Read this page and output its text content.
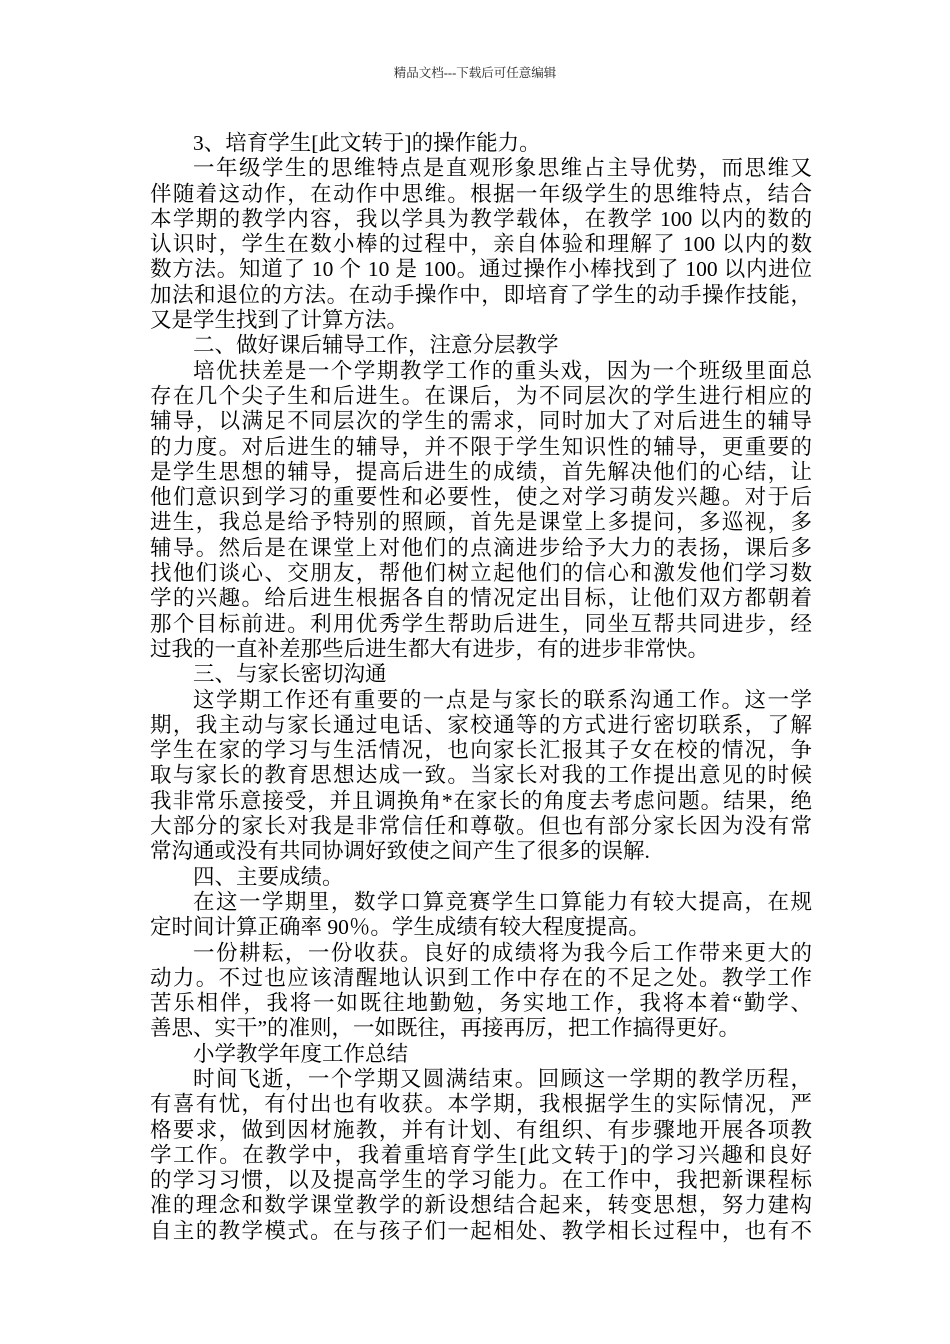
精品文档---下载后可任意编辑
3、培育学生[此文转于]的操作能力。
一年级学生的思维特点是直观形象思维占主导优势，而思维又
伴随着这动作，在动作中思维。根据一年级学生的思维特点，结合
本学期的教学内容，我以学具为教学载体，在教学 100 以内的数的
认识时，学生在数小棒的过程中，亲自体验和理解了 100 以内的数
数方法。知道了 10 个 10 是 100。通过操作小棒找到了 100 以内进位
加法和退位的方法。在动手操作中，即培育了学生的动手操作技能，
又是学生找到了计算方法。
二、做好课后辅导工作，注意分层教学
培优扶差是一个学期教学工作的重头戏，因为一个班级里面总
存在几个尖子生和后进生。在课后，为不同层次的学生进行相应的
辅导，以满足不同层次的学生的需求，同时加大了对后进生的辅导
的力度。对后进生的辅导，并不限于学生知识性的辅导，更重要的
是学生思想的辅导，提高后进生的成绩，首先解决他们的心结，让
他们意识到学习的重要性和必要性，使之对学习萌发兴趣。对于后
进生，我总是给予特别的照顾，首先是课堂上多提问，多巡视，多
辅导。然后是在课堂上对他们的点滴进步给予大力的表扬，课后多
找他们谈心、交朋友，帮他们树立起他们的信心和激发他们学习数
学的兴趣。给后进生根据各自的情况定出目标，让他们双方都朝着
那个目标前进。利用优秀学生帮助后进生，同坐互帮共同进步，经
过我的一直补差那些后进生都大有进步，有的进步非常快。
三、与家长密切沟通
这学期工作还有重要的一点是与家长的联系沟通工作。这一学
期，我主动与家长通过电话、家校通等的方式进行密切联系，了解
学生在家的学习与生活情况，也向家长汇报其子女在校的情况，争
取与家长的教育思想达成一致。当家长对我的工作提出意见的时候
我非常乐意接受，并且调换角*在家长的角度去考虑问题。结果，绝
大部分的家长对我是非常信任和尊敬。但也有部分家长因为没有常
常沟通或没有共同协调好致使之间产生了很多的误解.
四、主要成绩。
在这一学期里，数学口算竞赛学生口算能力有较大提高，在规
定时间计算正确率 90％。学生成绩有较大程度提高。
一份耕耘，一份收获。良好的成绩将为我今后工作带来更大的
动力。不过也应该清醒地认识到工作中存在的不足之处。教学工作
苦乐相伴，我将一如既往地勤勉，务实地工作，我将本着“勤学、
善思、实干”的准则，一如既往，再接再厉，把工作搞得更好。
小学教学年度工作总结
时间飞逝，一个学期又圆满结束。回顾这一学期的教学历程，
有喜有忧，有付出也有收获。本学期，我根据学生的实际情况，严
格要求，做到因材施教，并有计划、有组织、有步骤地开展各项教
学工作。在教学中，我着重培育学生[此文转于]的学习兴趣和良好
的学习习惯，以及提高学生的学习能力。在工作中，我把新课程标
准的理念和数学课堂教学的新设想结合起来，转变思想，努力建构
自主的教学模式。在与孩子们一起相处、教学相长过程中，也有不
